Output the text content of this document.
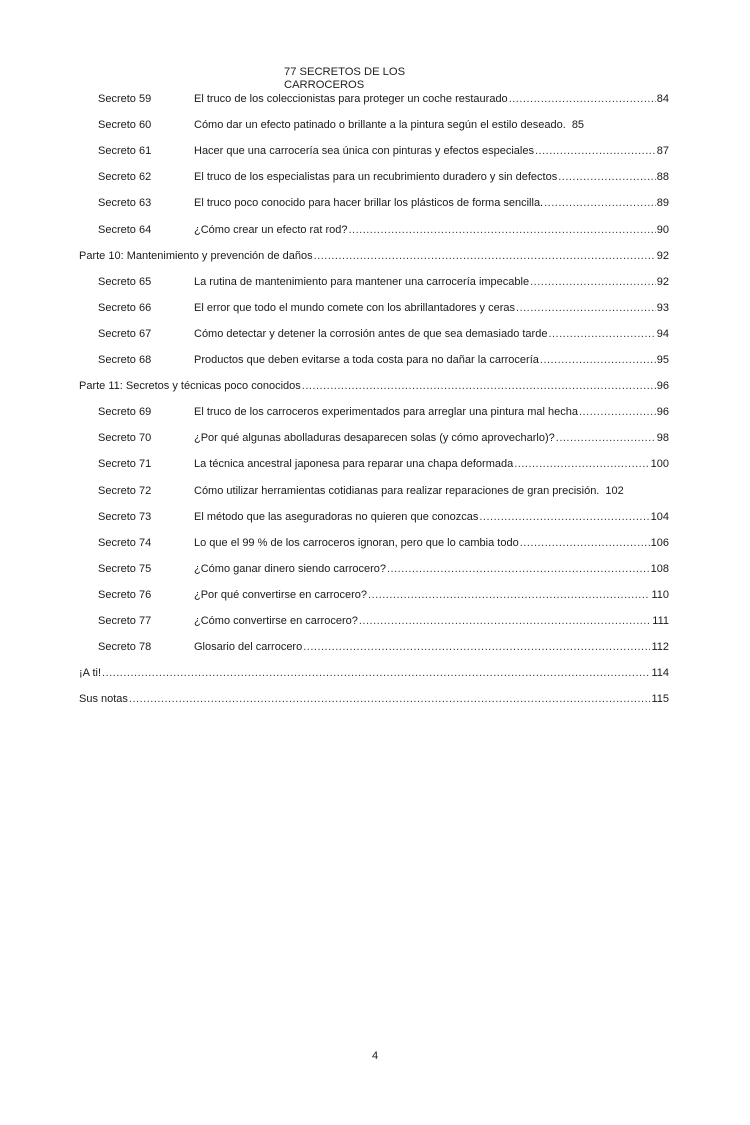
77 SECRETOS DE LOS CARROCEROS
Secreto 59	El truco de los coleccionistas para proteger un coche restaurado .....	84
Secreto 60	Cómo dar un efecto patinado o brillante a la pintura según el estilo deseado. 85
Secreto 61	Hacer que una carrocería sea única con pinturas y efectos especiales .....	87
Secreto 62	El truco de los especialistas para un recubrimiento duradero y sin defectos .....	88
Secreto 63	El truco poco conocido para hacer brillar los plásticos de forma sencilla. .....	89
Secreto 64	¿Cómo crear un efecto rat rod? .....	90
Parte 10: Mantenimiento y prevención de daños .....	92
Secreto 65	La rutina de mantenimiento para mantener una carrocería impecable .....	92
Secreto 66	El error que todo el mundo comete con los abrillantadores y ceras .....	93
Secreto 67	Cómo detectar y detener la corrosión antes de que sea demasiado tarde .....	94
Secreto 68	Productos que deben evitarse a toda costa para no dañar la carrocería .....	95
Parte 11: Secretos y técnicas poco conocidos .....	96
Secreto 69	El truco de los carroceros experimentados para arreglar una pintura mal hecha .....	96
Secreto 70	¿Por qué algunas abolladuras desaparecen solas (y cómo aprovecharlo)? .....	98
Secreto 71	La técnica ancestral japonesa para reparar una chapa deformada .....	100
Secreto 72	Cómo utilizar herramientas cotidianas para realizar reparaciones de gran precisión. 102
Secreto 73	El método que las aseguradoras no quieren que conozcas .....	104
Secreto 74	Lo que el 99 % de los carroceros ignoran, pero que lo cambia todo .....	106
Secreto 75	¿Cómo ganar dinero siendo carrocero? .....	108
Secreto 76	¿Por qué convertirse en carrocero? .....	110
Secreto 77	¿Cómo convertirse en carrocero? .....	111
Secreto 78	Glosario del carrocero .....	112
¡A ti! .....	114
Sus notas .....	115
4
